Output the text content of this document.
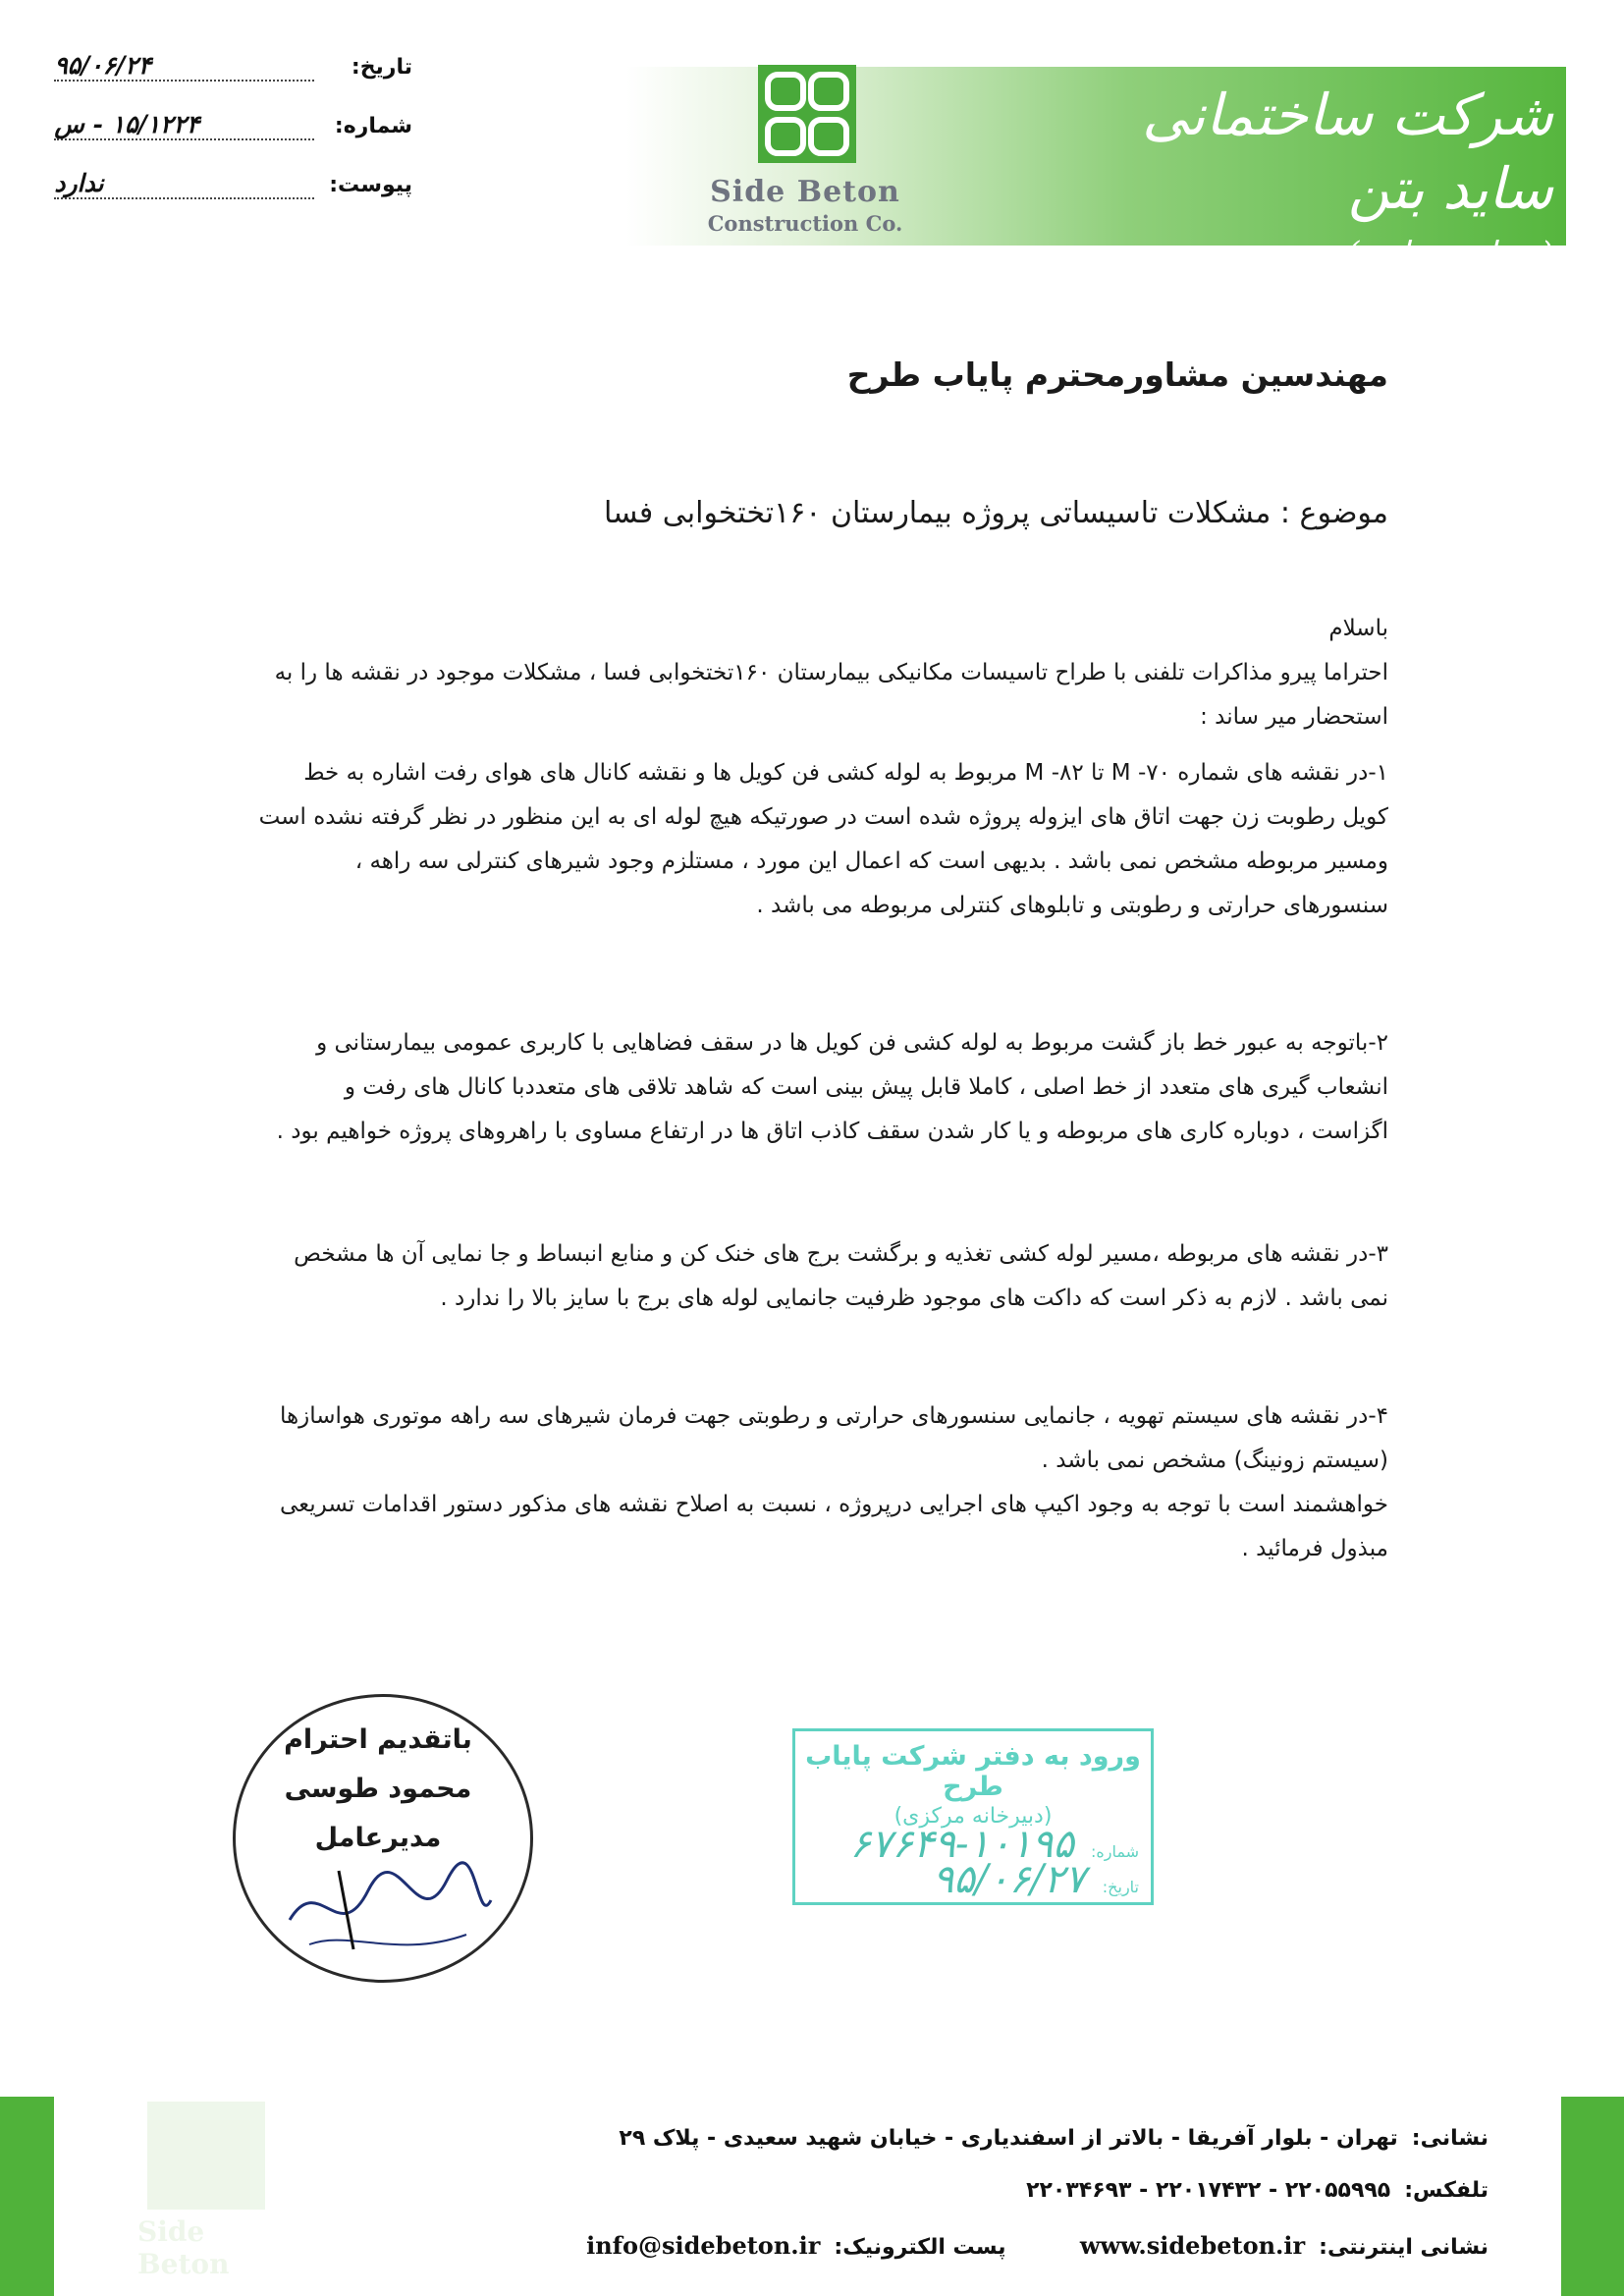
شرکت ساختمانی ساید بتن
(سهامی خاص)
Side Beton
Construction Co.
تاریخ: ۹۵/۰۶/۲۴
شماره: ۱۵/۱۲۲۴ - س
پیوست: ندارد
مهندسین مشاورمحترم پایاب طرح
موضوع : مشکلات تاسیساتی پروژه بیمارستان ۱۶۰تختخوابی فسا

باسلام

احتراما پیرو مذاکرات تلفنی با طراح تاسیسات مکانیکی بیمارستان ۱۶۰تختخوابی فسا ، مشکلات موجود در نقشه ها را به

استحضار میر ساند :

۱-در نقشه های شماره ۷۰- M تا ۸۲- M مربوط به لوله کشی فن کویل ها و نقشه کانال های هوای رفت اشاره به خط

کویل رطوبت زن جهت اتاق های ایزوله پروژه شده است در صورتیکه هیچ لوله ای به این منظور در نظر گرفته نشده است

ومسیر مربوطه مشخص نمی باشد . بدیهی است که اعمال این مورد ، مستلزم وجود شیرهای کنترلی سه راهه ،

سنسورهای حرارتی و رطوبتی و تابلوهای کنترلی مربوطه می باشد .

۲-باتوجه به عبور خط باز گشت مربوط به لوله کشی فن کویل ها در سقف فضاهایی با کاربری عمومی بیمارستانی و

انشعاب گیری های متعدد از خط اصلی ، کاملا قابل پیش بینی است که شاهد تلاقی های متعددبا کانال های رفت و

اگزاست ، دوباره کاری های مربوطه و یا کار شدن سقف کاذب اتاق ها در ارتفاع مساوی با راهروهای پروژه خواهیم بود .

۳-در نقشه های مربوطه ،مسیر لوله کشی تغذیه و برگشت برج های خنک کن و منابع انبساط و جا نمایی آن ها مشخص

نمی باشد . لازم به ذکر است که داکت های موجود ظرفیت جانمایی لوله های برج با سایز بالا را ندارد .

۴-در نقشه های سیستم تهویه ، جانمایی سنسورهای حرارتی و رطوبتی جهت فرمان شیرهای سه راهه موتوری هواسازها

(سیستم زونینگ) مشخص نمی باشد .

خواهشمند است با توجه به وجود اکیپ های اجرایی درپروژه ، نسبت به اصلاح نقشه های مذکور دستور اقدامات تسریعی

مبذول فرمائید .

باتقدیم احترام
محمود طوسی
مدیرعامل
ورود به دفتر شرکت پایاب طرح
(دبیرخانه مرکزی)
شماره: ۱۰۱۹۵-۶۷۶۴۹
تاریخ: ۹۵/۰۶/۲۷
Side Beton
نشانی:تهران - بلوار آفریقا - بالاتر از اسفندیاری - خیابان شهید سعیدی - پلاک ۲۹
تلفکس:۲۲۰۵۵۹۹۵ - ۲۲۰۱۷۴۳۲ - ۲۲۰۳۴۶۹۳
نشانی اینترنتی:www.sidebeton.ir  پست الکترونیک:info@sidebeton.ir
